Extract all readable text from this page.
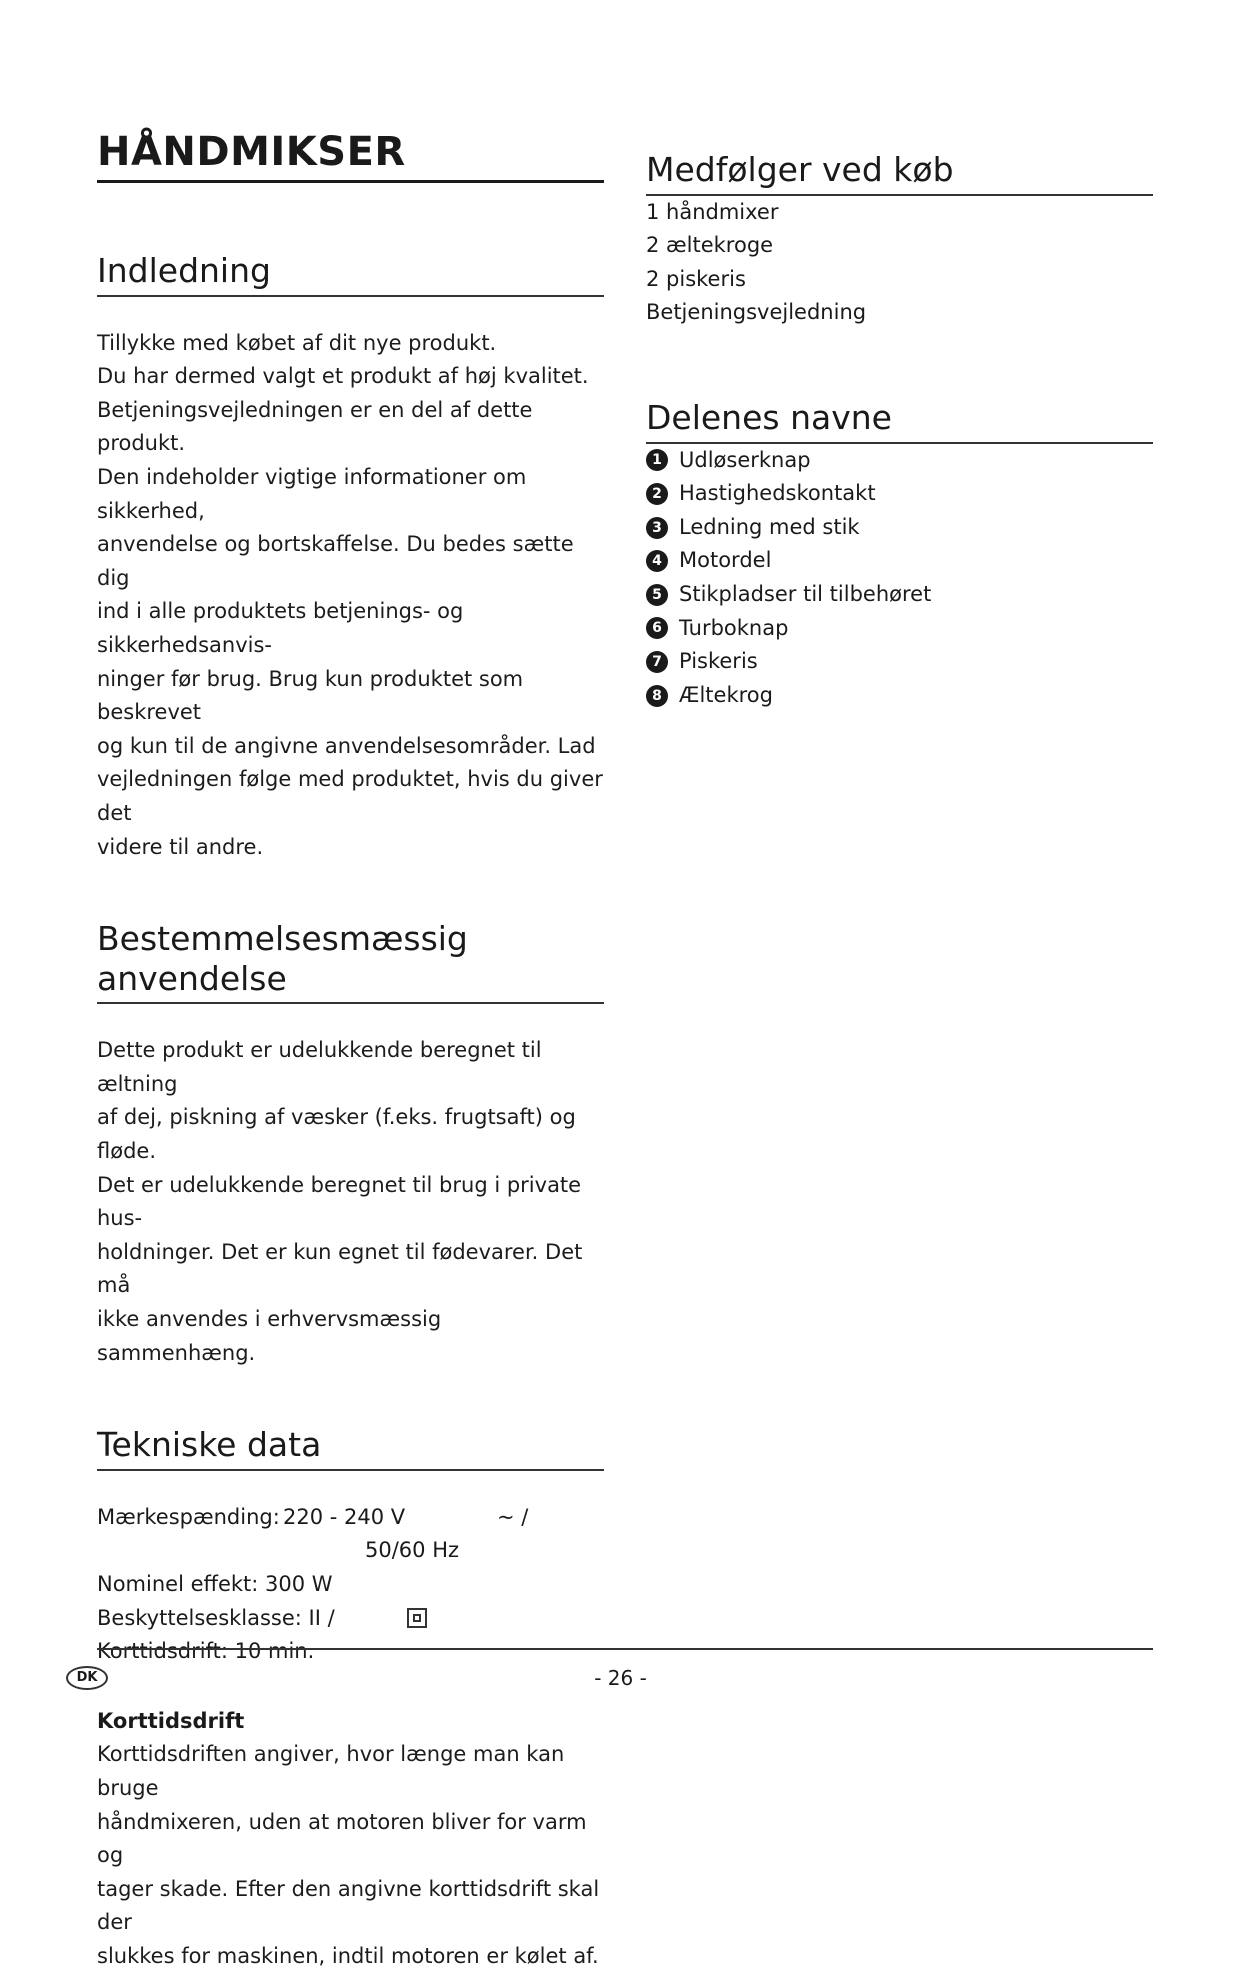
HÅNDMIKSER
Indledning
Tillykke med købet af dit nye produkt.
Du har dermed valgt et produkt af høj kvalitet.
Betjeningsvejledningen er en del af dette produkt.
Den indeholder vigtige informationer om sikkerhed,
anvendelse og bortskaffelse. Du bedes sætte dig
ind i alle produktets betjenings- og sikkerhedsanvis-
ninger før brug. Brug kun produktet som beskrevet
og kun til de angivne anvendelsesområder. Lad
vejledningen følge med produktet, hvis du giver det
videre til andre.
Bestemmelsesmæssig anvendelse
Dette produkt er udelukkende beregnet til æltning
af dej, piskning af væsker (f.eks. frugtsaft) og fløde.
Det er udelukkende beregnet til brug i private hus-
holdninger. Det er kun egnet til fødevarer. Det må
ikke anvendes i erhvervsmæssig sammenhæng.
Tekniske data
Mærkespænding: 220 - 240 V	~ /
50/60 Hz
Nominel effekt: 300 W
Beskyttelsesklasse: II /
Korttidsdrift: 10 min.
Korttidsdrift
Korttidsdriften angiver, hvor længe man kan bruge
håndmixeren, uden at motoren bliver for varm og
tager skade. Efter den angivne korttidsdrift skal der
slukkes for maskinen, indtil motoren er kølet af.
Medfølger ved køb
1 håndmixer
2 æltekroge
2 piskeris
Betjeningsvejledning
Delenes navne
1 Udløserknap
2 Hastighedskontakt
3 Ledning med stik
4 Motordel
5 Stikpladser til tilbehøret
6 Turboknap
7 Piskeris
8 Æltekrog
DK	- 26 -
